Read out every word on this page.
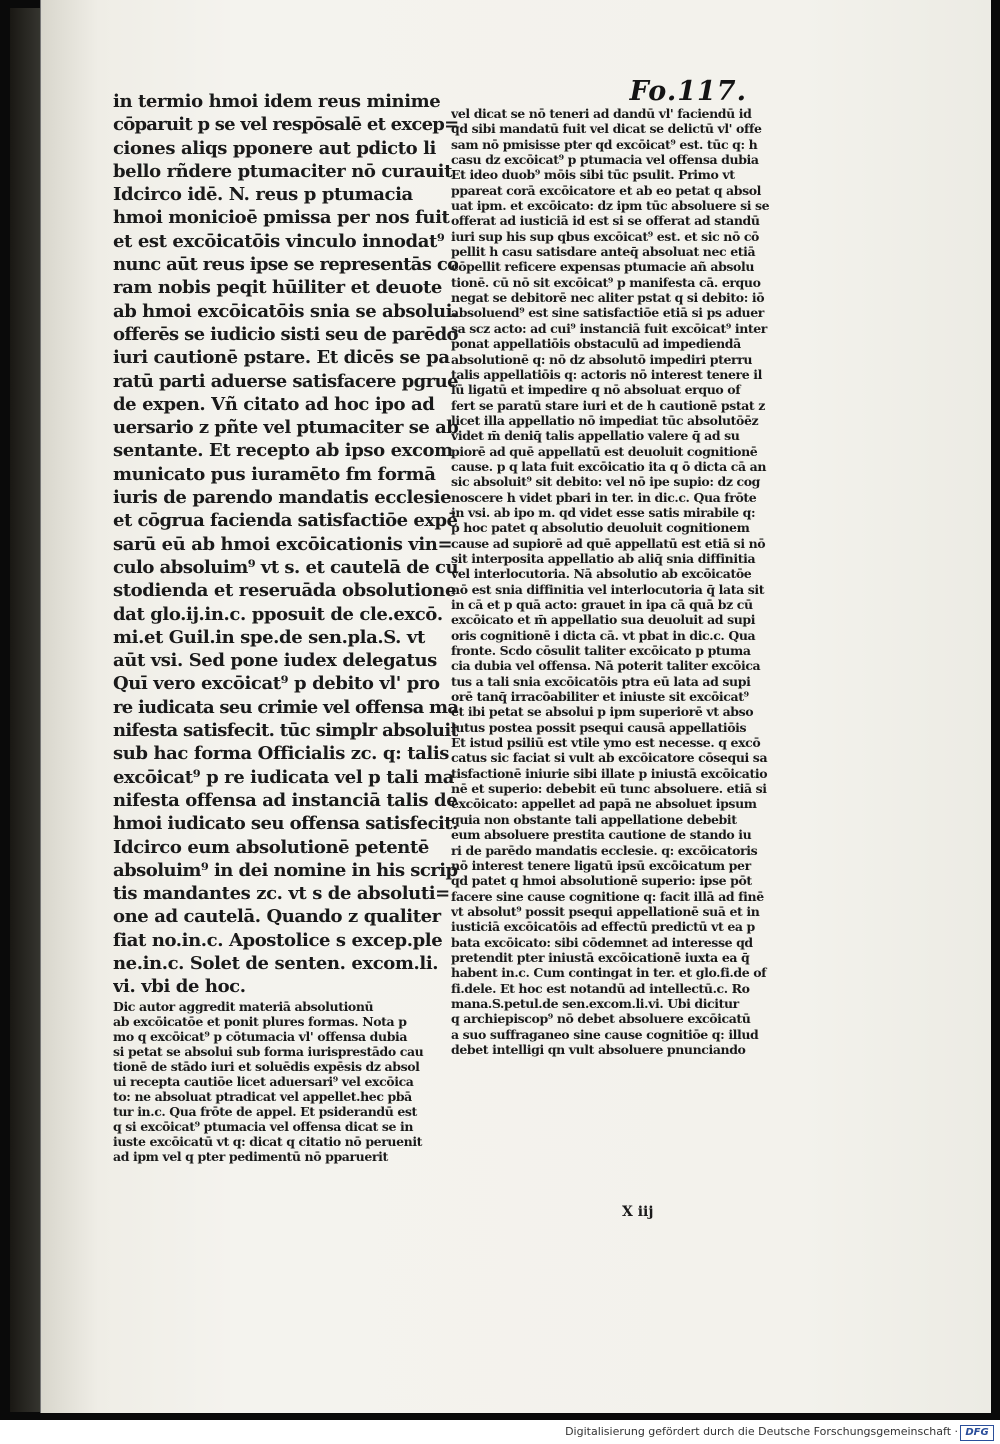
Fo.117.
in termio hmoi idem reus minime
cōparuit p se vel respōsalē et excep=
ciones aliqs pponere aut pdicto li
bello rñdere ptumaciter nō curauit
Idcirco idē. N. reus p ptumacia
hmoi monicioē pmissa per nos fuit
et est excōicatōis vinculo innodat⁹
nunc aūt reus ipse se representās co
ram nobis peqit hūiliter et deuote
ab hmoi excōicatōis snia se absolui.
offerēs se iudicio sisti seu de parēdo
iuri cautionē pstare. Et dicēs se pa
ratū parti aduerse satisfacere pgrue
de expen. Vñ citato ad hoc ipo ad
uersario z pñte vel ptumaciter se ab
sentante. Et recepto ab ipso excom
municato pus iuramēto fm formā
iuris de parendo mandatis ecclesie
et cōgrua facienda satisfactiōe expē
sarū eū ab hmoi excōicationis vin=
culo absoluim⁹ vt s. et cautelā de cu
stodienda et reseruāda obsolutione
dat glo.ij.in.c. pposuit de cle.excō.
mi.et Guil.in spe.de sen.pla.S. vt
aūt vsi. Sed pone iudex delegatus
Quī vero excōicat⁹ p debito vl' pro
re iudicata seu crimie vel offensa ma
nifesta satisfecit. tūc simplr absoluit
sub hac forma Officialis zc. q: talis
excōicat⁹ p re iudicata vel p tali ma
nifesta offensa ad instanciā talis de
hmoi iudicato seu offensa satisfecit.
Idcirco eum absolutionē petentē
absoluim⁹ in dei nomine in his scrip
tis mandantes zc. vt s de absoluti=
one ad cautelā. Quando z qualiter
fiat no.in.c. Apostolice s excep.ple
ne.in.c. Solet de senten. excom.li.
vi. vbi de hoc.
Dic autor aggredit materiā absolutionū
ab excōicatōe et ponit plures formas. Nota p
mo q excōicat⁹ p cōtumacia vl' offensa dubia
si petat se absolui sub forma iurisprestādo cau
tionē de stādo iuri et soluēdis expēsis dz absol
ui recepta cautiōe licet aduersari⁹ vel excōica
to: ne absoluat ptradicat vel appellet.hec pbā
tur in.c. Qua frōte de appel. Et psiderandū est
q si excōicat⁹ ptumacia vel offensa dicat se in
iuste excōicatū vt q: dicat q citatio nō peruenit
ad ipm vel q pter pedimentū nō pparuerit
vel dicat se nō teneri ad dandū vl' faciendū id
qd sibi mandatū fuit vel dicat se delictū vl' offe
sam nō pmisisse pter qd excōicat⁹ est. tūc q: h
casu dz excōicat⁹ p ptumacia vel offensa dubia
Et ideo duob⁹ mōis sibi tūc psulit. Primo vt
ppareat corā excōicatore et ab eo petat q absol
uat ipm. et excōicato: dz ipm tūc absoluere si se
offerat ad iusticiā id est si se offerat ad standū
iuri sup his sup qbus excōicat⁹ est. et sic nō cō
pellit h casu satisdare anteq̄ absoluat nec etiā
cōpellit reficere expensas ptumacie añ absolu
tionē. cū nō sit excōicat⁹ p manifesta cā. erquo
negat se debitorē nec aliter pstat q si debito: iō
absoluend⁹ est sine satisfactiōe etiā si ps aduer
sa scz acto: ad cui⁹ instanciā fuit excōicat⁹ inter
ponat appellatiōis obstaculū ad impediendā
absolutionē q: nō dz absolutō impediri pterru
talis appellatiōis q: actoris nō interest tenere il
lū ligatū et impedire q nō absoluat erquo of
fert se paratū stare iuri et de h cautionē pstat z
licet illa appellatio nō impediat tūc absolutōēz
videt m̄ deniq̄ talis appellatio valere q̄ ad su
piorē ad quē appellatū est deuoluit cognitionē
cause. p q lata fuit excōicatio ita q ō dicta cā an
sic absoluit⁹ sit debito: vel nō ipe supio: dz cog
noscere h videt pbari in ter. in dic.c. Qua frōte
in vsi. ab ipo m. qd videt esse satis mirabile q:
p hoc patet q absolutio deuoluit cognitionem
cause ad supiorē ad quē appellatū est etiā si nō
sit interposita appellatio ab aliq̄ snia diffinitia
vel interlocutoria. Nā absolutio ab excōicatōe
nō est snia diffinitia vel interlocutoria q̄ lata sit
in cā et p quā acto: grauet in ipa cā quā bz cū
excōicato et m̄ appellatio sua deuoluit ad supi
oris cognitionē i dicta cā. vt pbat in dic.c. Qua
fronte. Scdo cōsulit taliter excōicato p ptuma
cia dubia vel offensa. Nā poterit taliter excōica
tus a tali snia excōicatōis ptra eū lata ad supi
orē tanq̄ irracōabiliter et iniuste sit excōicat⁹
et ibi petat se absolui p ipm superiorē vt abso
lutus postea possit psequi causā appellatiōis
Et istud psiliū est vtile ymo est necesse. q excō
catus sic faciat si vult ab excōicatore cōsequi sa
tisfactionē iniurie sibi illate p iniustā excōicatio
nē et superio: debebit eū tunc absoluere. etiā si
excōicato: appellet ad papā ne absoluet ipsum
quia non obstante tali appellatione debebit
eum absoluere prestita cautione de stando iu
ri de parēdo mandatis ecclesie. q: excōicatoris
nō interest tenere ligatū ipsū excōicatum per
qd patet q hmoi absolutionē superio: ipse pōt
facere sine cause cognitione q: facit illā ad finē
vt absolut⁹ possit psequi appellationē suā et in
iusticiā excōicatōis ad effectū predictū vt ea p
bata excōicato: sibi cōdemnet ad interesse qd
pretendit pter iniustā excōicationē iuxta ea q̄
habent in.c. Cum contingat in ter. et glo.fi.de of
fi.dele. Et hoc est notandū ad intellectū.c. Ro
mana.S.petul.de sen.excom.li.vi. Ubi dicitur
q archiepiscop⁹ nō debet absoluere excōicatū
a suo suffraganeo sine cause cognitiōe q: illud
debet intelligi qn vult absoluere pnunciando
X iij
Digitalisierung gefördert durch die Deutsche Forschungsgemeinschaft · DFG
